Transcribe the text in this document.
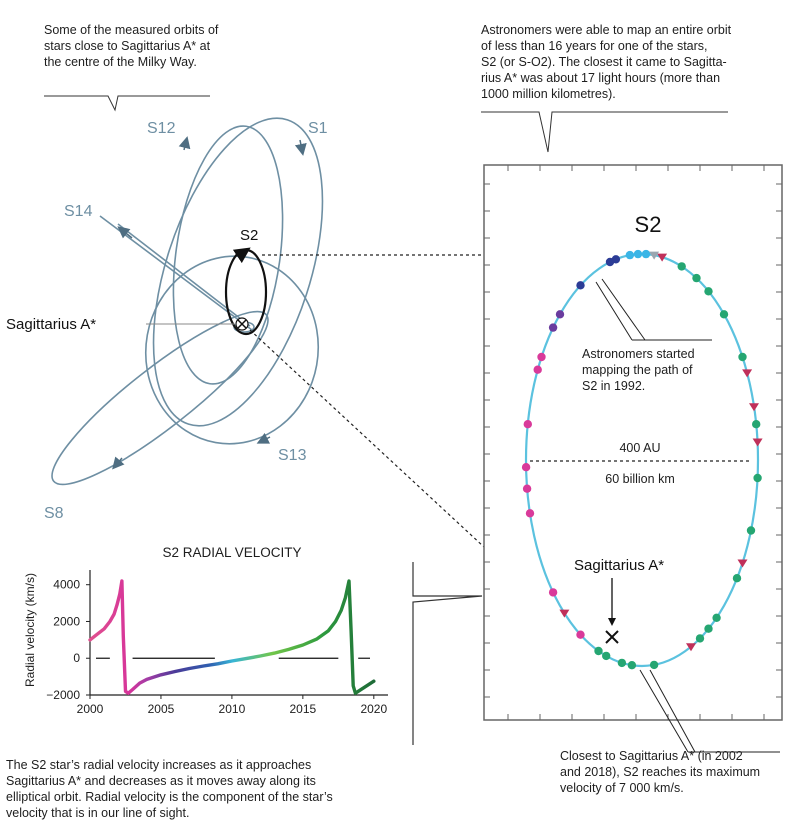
Some of the measured orbits of
stars close to Sagittarius A* at
the centre of the Milky Way.
Astronomers were able to map an entire orbit
of less than 16 years for one of the stars,
S2 (or S-O2). The closest it came to Sagitta-
rius A* was about 17 light hours (more than
1000 million kilometres).
The S2 star’s radial velocity increases as it approaches
Sagittarius A* and decreases as it moves away along its
elliptical orbit. Radial velocity is the component of the star’s
velocity that is in our line of sight.
Closest to Sagittarius A* (in 2002
and 2018), S2 reaches its maximum
velocity of 7 000 km/s.
S12	S1
S14
S2
S13
S8
Sagittarius A*
S2
400 AU
60 billion km
Astronomers started
mapping the path of
S2 in 1992.
Sagittarius A*
S2 RADIAL VELOCITY
Radial velocity (km/s)
−2000
0
2000
4000
2000	2005	2010	2015	2020
